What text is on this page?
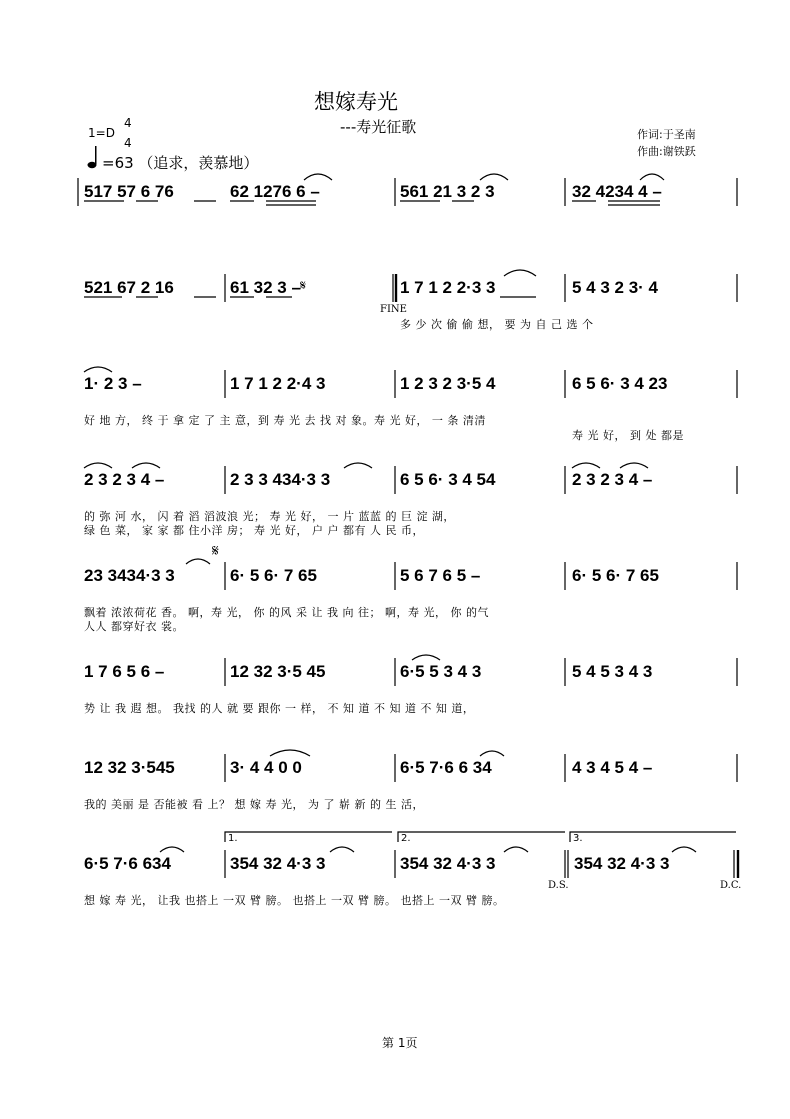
想嫁寿光
---寿光征歌	作词:于圣南
作曲:谢铁跃
1=D
4
4
=63 （追求，羡慕地）
𝄋
𝄋
FINE
D.S.	D.C.
1.	2.	3.
517 57 6 76	62 1276 6 –	561 21 3 2 3	32 4234 4 –
521 67 2 16	61 32 3 –	1 7 1 2 2·3 3	5 4 3 2 3· 4
多 少 次 偷 偷 想， 要 为 自 己 选 个
1· 2 3 –	1 7 1 2 2·4 3	1 2 3 2 3·5 4	6 5 6· 3 4 23
好 地 方， 终 于 拿 定 了 主 意，到 寿 光 去 找 对 象。寿 光 好， 一 条 清清
寿 光 好， 到 处 都是
2 3 2 3 4 –	2 3 3 434·3 3	6 5 6· 3 4 54	2 3 2 3 4 –
的 弥 河 水， 闪 着 滔 滔波浪 光； 寿 光 好， 一 片 蓝蓝 的 巨 淀 湖，
绿 色 菜， 家 家 都 住小洋 房； 寿 光 好， 户 户 都有 人 民 币，
23 3434·3 3	6· 5 6· 7 65	5 6 7 6 5 –	6· 5 6· 7 65
飘着 浓浓荷花 香。 啊，寿 光， 你 的风 采 让 我 向 往； 啊，寿 光， 你 的气
人人 都穿好衣 裳。
1 7 6 5 6 –	12 32 3·5 45	6·5 5 3 4 3	5 4 5 3 4 3
势 让 我 遐 想。 我找 的人 就 要 跟你 一 样， 不 知 道 不 知 道 不 知 道，
12 32 3·545	3· 4 4 0 0	6·5 7·6 6 34	4 3 4 5 4 –
我的 美丽 是 否能被 看 上？ 想 嫁 寿 光， 为 了 崭 新 的 生 活，
6·5 7·6 634	354 32 4·3 3	354 32 4·3 3	354 32 4·3 3
想 嫁 寿 光， 让我 也搭上 一双 臂 膀。 也搭上 一双 臂 膀。 也搭上 一双 臂 膀。
第 1页
